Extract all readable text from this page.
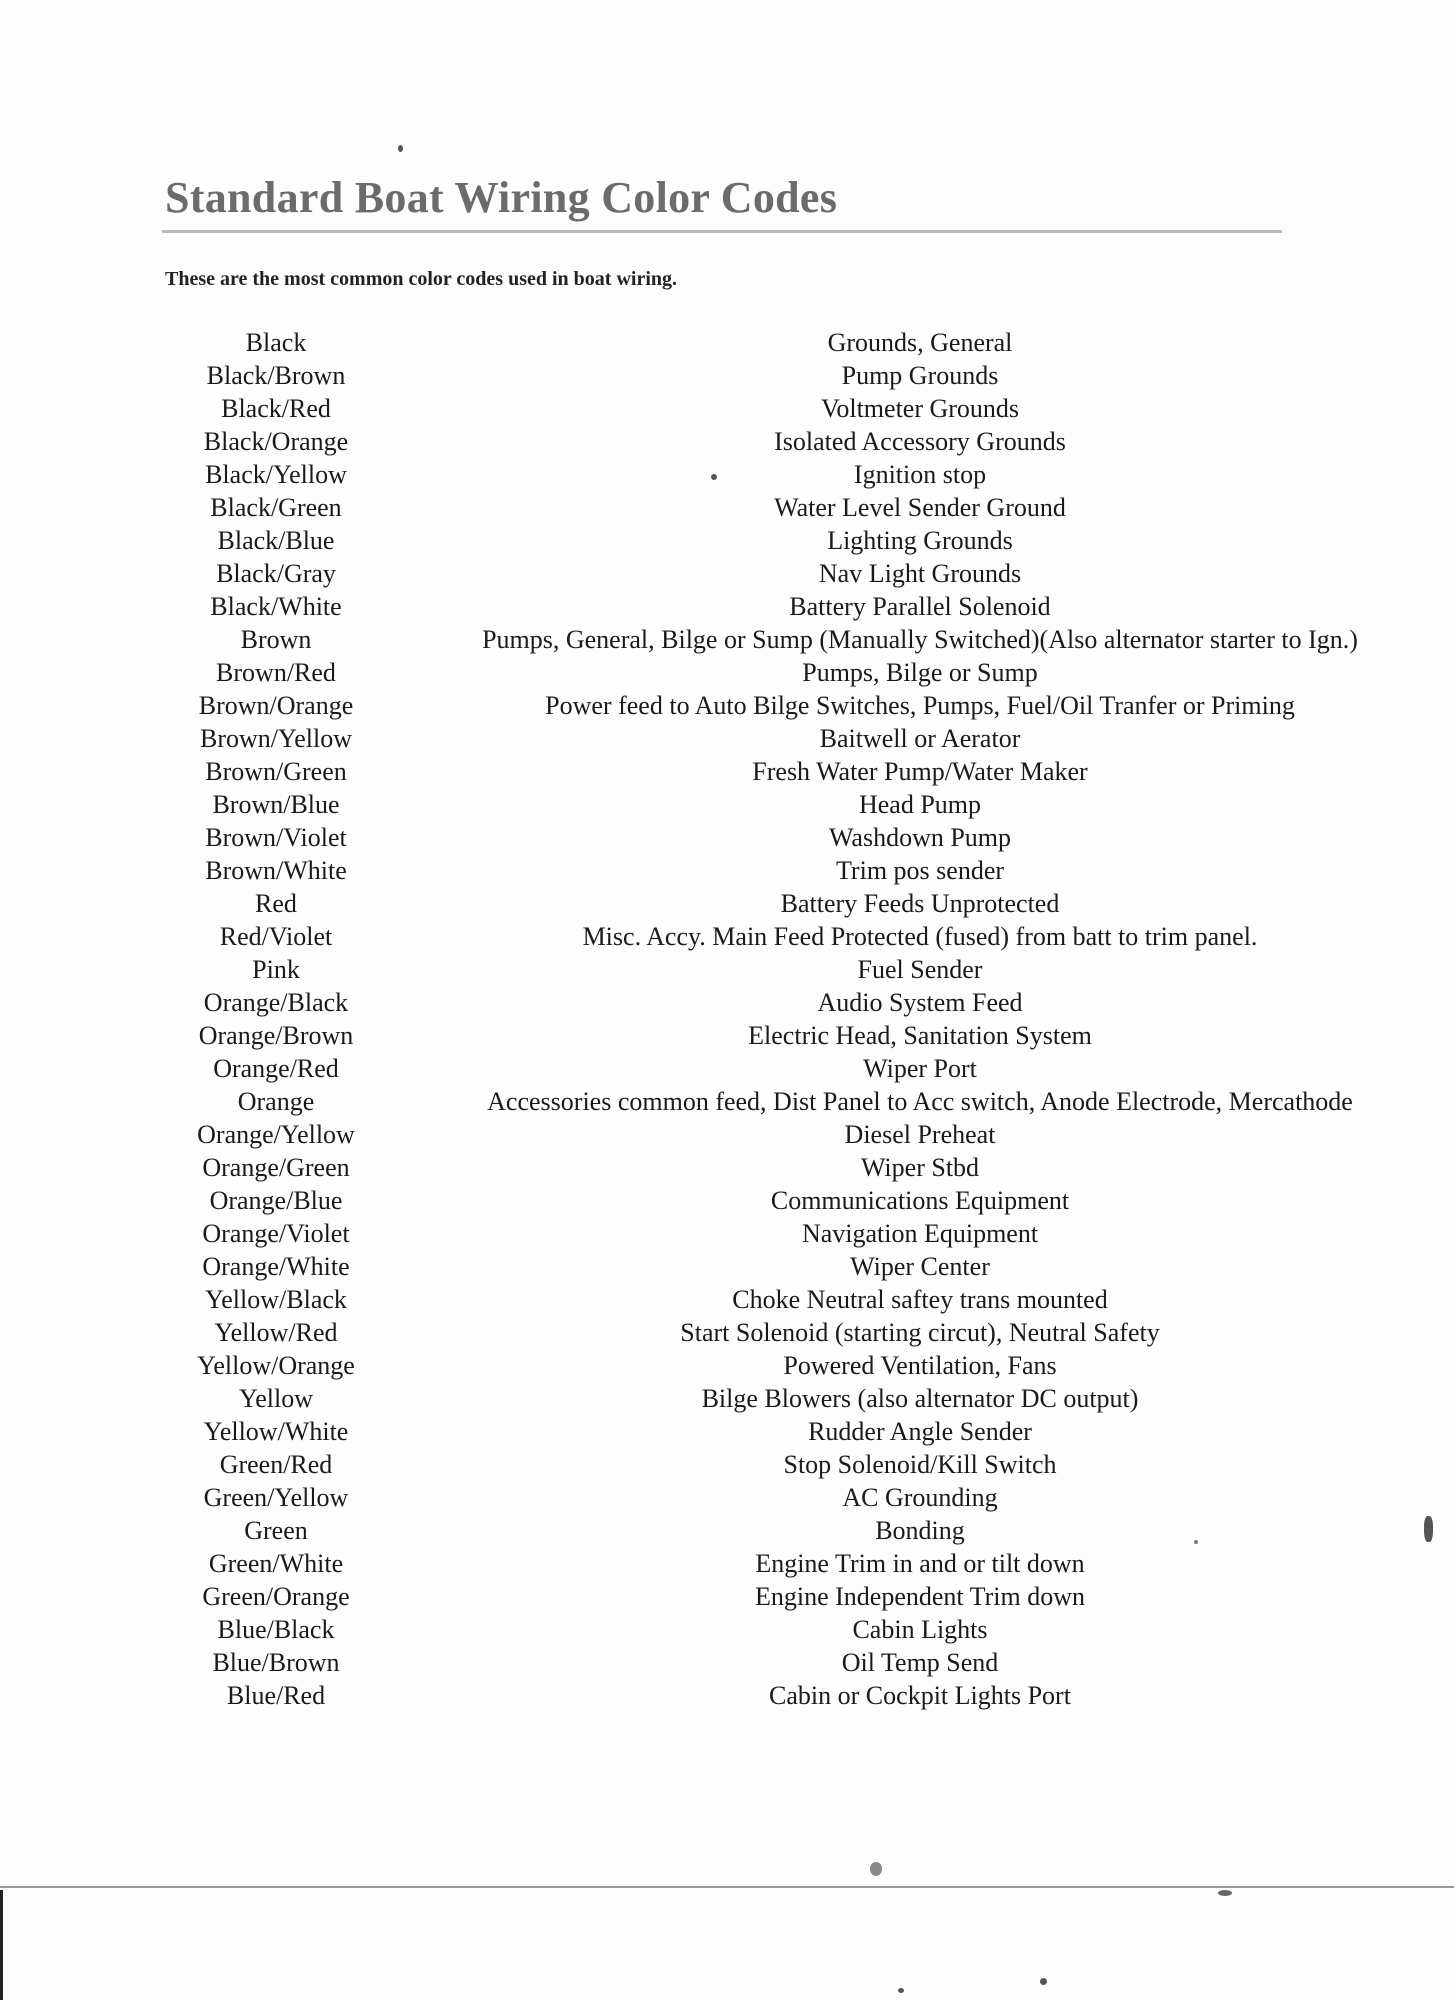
Standard Boat Wiring Color Codes

These are the most common color codes used in boat wiring.

Black	Grounds, General
Black/Brown	Pump Grounds
Black/Red	Voltmeter Grounds
Black/Orange	Isolated Accessory Grounds
Black/Yellow	Ignition stop
Black/Green	Water Level Sender Ground
Black/Blue	Lighting Grounds
Black/Gray	Nav Light Grounds
Black/White	Battery Parallel Solenoid
Brown	Pumps, General, Bilge or Sump (Manually Switched)(Also alternator starter to Ign.)
Brown/Red	Pumps, Bilge or Sump
Brown/Orange	Power feed to Auto Bilge Switches, Pumps, Fuel/Oil Tranfer or Priming
Brown/Yellow	Baitwell or Aerator
Brown/Green	Fresh Water Pump/Water Maker
Brown/Blue	Head Pump
Brown/Violet	Washdown Pump
Brown/White	Trim pos sender
Red	Battery Feeds Unprotected
Red/Violet	Misc. Accy. Main Feed Protected (fused) from batt to trim panel.
Pink	Fuel Sender
Orange/Black	Audio System Feed
Orange/Brown	Electric Head, Sanitation System
Orange/Red	Wiper Port
Orange	Accessories common feed, Dist Panel to Acc switch, Anode Electrode, Mercathode
Orange/Yellow	Diesel Preheat
Orange/Green	Wiper Stbd
Orange/Blue	Communications Equipment
Orange/Violet	Navigation Equipment
Orange/White	Wiper Center
Yellow/Black	Choke Neutral saftey trans mounted
Yellow/Red	Start Solenoid (starting circut), Neutral Safety
Yellow/Orange	Powered Ventilation, Fans
Yellow	Bilge Blowers (also alternator DC output)
Yellow/White	Rudder Angle Sender
Green/Red	Stop Solenoid/Kill Switch
Green/Yellow	AC Grounding
Green	Bonding
Green/White	Engine Trim in and or tilt down
Green/Orange	Engine Independent Trim down
Blue/Black	Cabin Lights
Blue/Brown	Oil Temp Send
Blue/Red	Cabin or Cockpit Lights Port
